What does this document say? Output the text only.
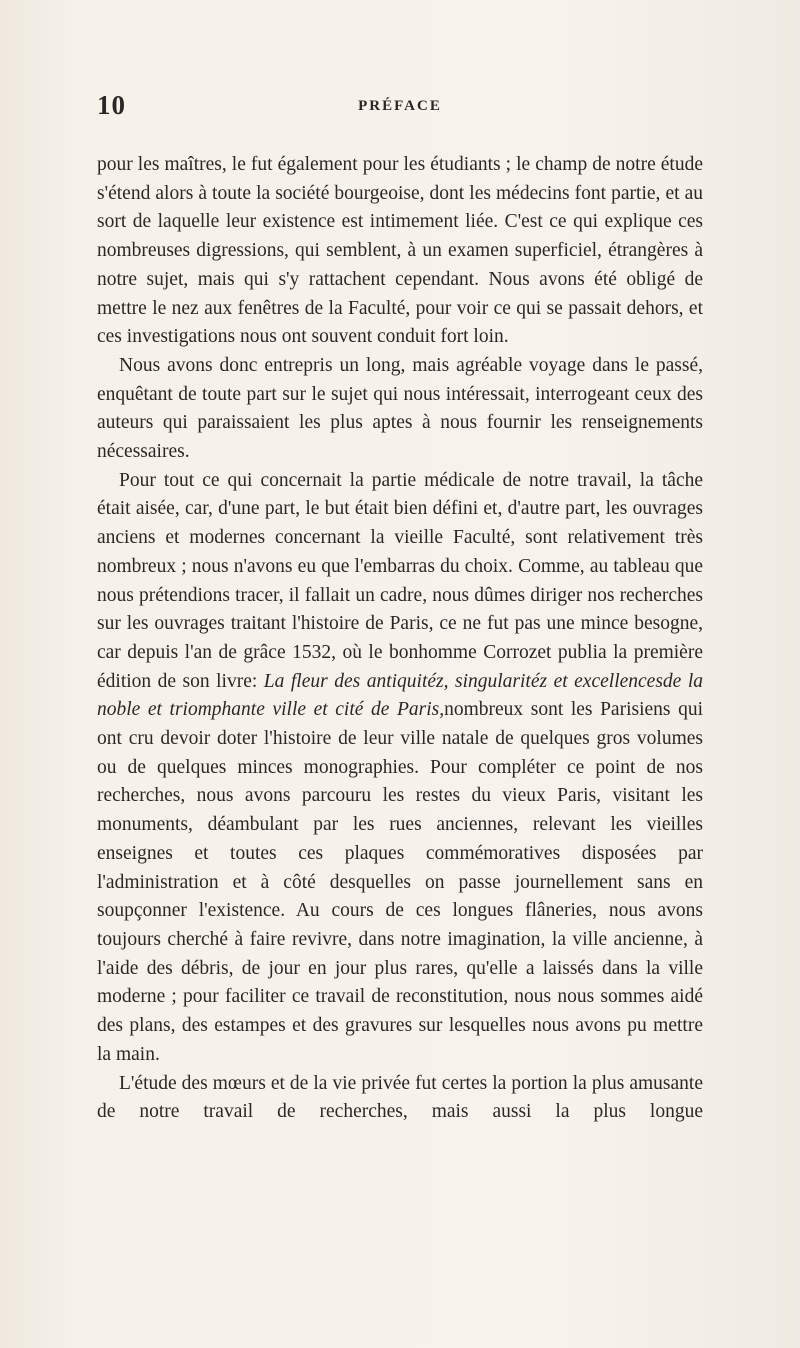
10	PRÉFACE

pour les maîtres, le fut également pour les étudiants ; le champ de notre étude s'étend alors à toute la société bourgeoise, dont les médecins font partie, et au sort de laquelle leur existence est intimement liée. C'est ce qui explique ces nombreuses digressions, qui semblent, à un examen superficiel, étrangères à notre sujet, mais qui s'y rattachent cependant. Nous avons été obligé de mettre le nez aux fenêtres de la Faculté, pour voir ce qui se passait dehors, et ces investigations nous ont souvent conduit fort loin.

Nous avons donc entrepris un long, mais agréable voyage dans le passé, enquêtant de toute part sur le sujet qui nous intéressait, interrogeant ceux des auteurs qui paraissaient les plus aptes à nous fournir les renseignements nécessaires.

Pour tout ce qui concernait la partie médicale de notre travail, la tâche était aisée, car, d'une part, le but était bien défini et, d'autre part, les ouvrages anciens et modernes concernant la vieille Faculté, sont relativement très nombreux ; nous n'avons eu que l'embarras du choix. Comme, au tableau que nous prétendions tracer, il fallait un cadre, nous dûmes diriger nos recherches sur les ouvrages traitant l'histoire de Paris, ce ne fut pas une mince besogne, car depuis l'an de grâce 1532, où le bonhomme Corrozet publia la première édition de son livre: La fleur des antiquitéz, singularitéz et excellencesde la noble et triomphante ville et cité de Paris,nombreux sont les Parisiens qui ont cru devoir doter l'histoire de leur ville natale de quelques gros volumes ou de quelques minces monographies. Pour compléter ce point de nos recherches, nous avons parcouru les restes du vieux Paris, visitant les monuments, déambulant par les rues anciennes, relevant les vieilles enseignes et toutes ces plaques commémoratives disposées par l'administration et à côté desquelles on passe journellement sans en soupçonner l'existence. Au cours de ces longues flâneries, nous avons toujours cherché à faire revivre, dans notre imagination, la ville ancienne, à l'aide des débris, de jour en jour plus rares, qu'elle a laissés dans la ville moderne ; pour faciliter ce travail de reconstitution, nous nous sommes aidé des plans, des estampes et des gravures sur lesquelles nous avons pu mettre la main.

L'étude des mœurs et de la vie privée fut certes la portion la plus amusante de notre travail de recherches, mais aussi la plus longue
